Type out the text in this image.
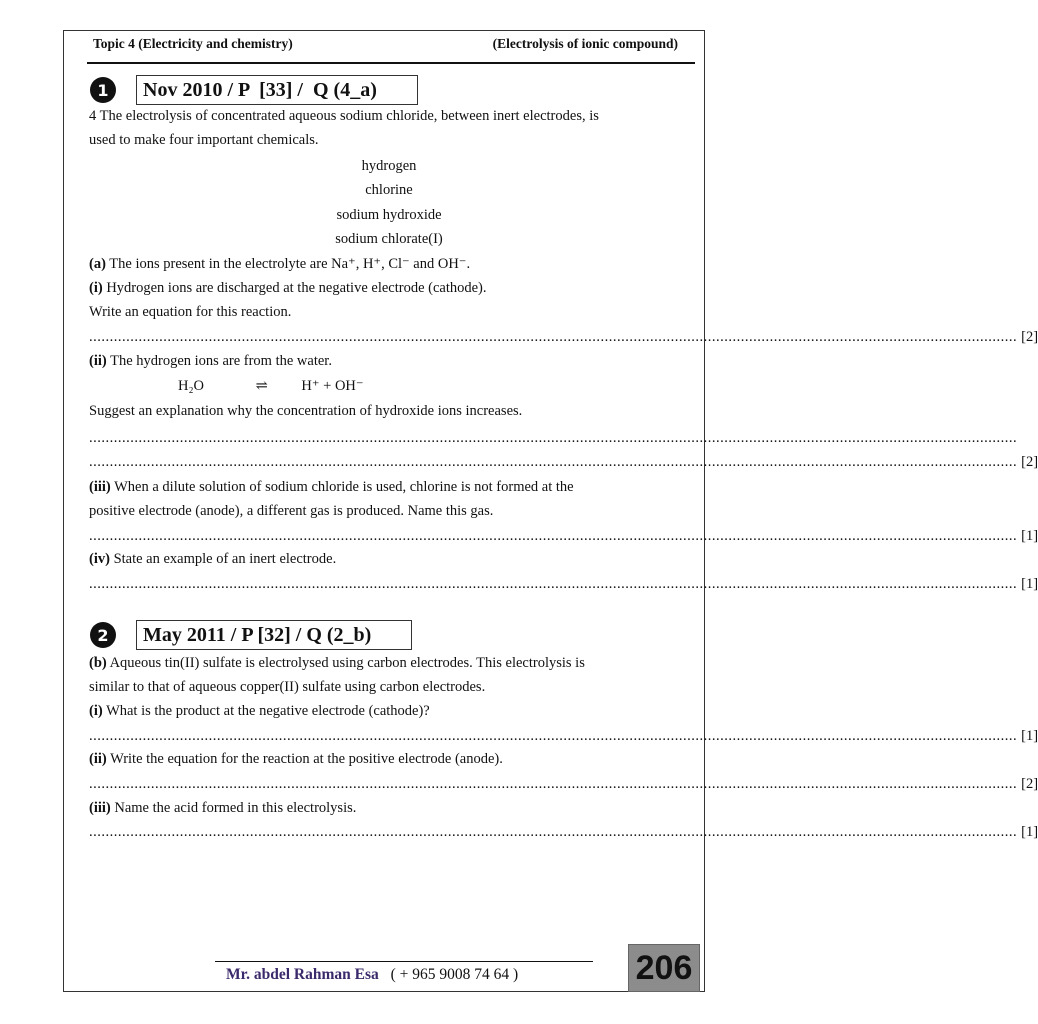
Topic 4 (Electricity and chemistry)	(Electrolysis of ionic compound)
1	Nov 2010 / P  [33] /  Q (4_a)
4 The electrolysis of concentrated aqueous sodium chloride, between inert electrodes, is
used to make four important chemicals.
hydrogen
chlorine
sodium hydroxide
sodium chlorate(I)
(a) The ions present in the electrolyte are Na⁺, H⁺, Cl⁻ and OH⁻.
(i) Hydrogen ions are discharged at the negative electrode (cathode).
Write an equation for this reaction.
................................................................................................................................................................................................................................. [2]
(ii) The hydrogen ions are from the water.
H₂O	⇌ H⁺ + OH⁻
Suggest an explanation why the concentration of hydroxide ions increases.
.................................................................................................................................................................................................................................
................................................................................................................................................................................................................................. [2]
(iii) When a dilute solution of sodium chloride is used, chlorine is not formed at the
positive electrode (anode), a different gas is produced. Name this gas.
................................................................................................................................................................................................................................. [1]
(iv) State an example of an inert electrode.
................................................................................................................................................................................................................................. [1]
2	May 2011 / P [32] / Q (2_b)
(b) Aqueous tin(II) sulfate is electrolysed using carbon electrodes. This electrolysis is
similar to that of aqueous copper(II) sulfate using carbon electrodes.
(i) What is the product at the negative electrode (cathode)?
................................................................................................................................................................................................................................. [1]
(ii) Write the equation for the reaction at the positive electrode (anode).
................................................................................................................................................................................................................................. [2]
(iii) Name the acid formed in this electrolysis.
................................................................................................................................................................................................................................. [1]
Mr. abdel Rahman Esa ( + 965 9008 74 64 )	206
